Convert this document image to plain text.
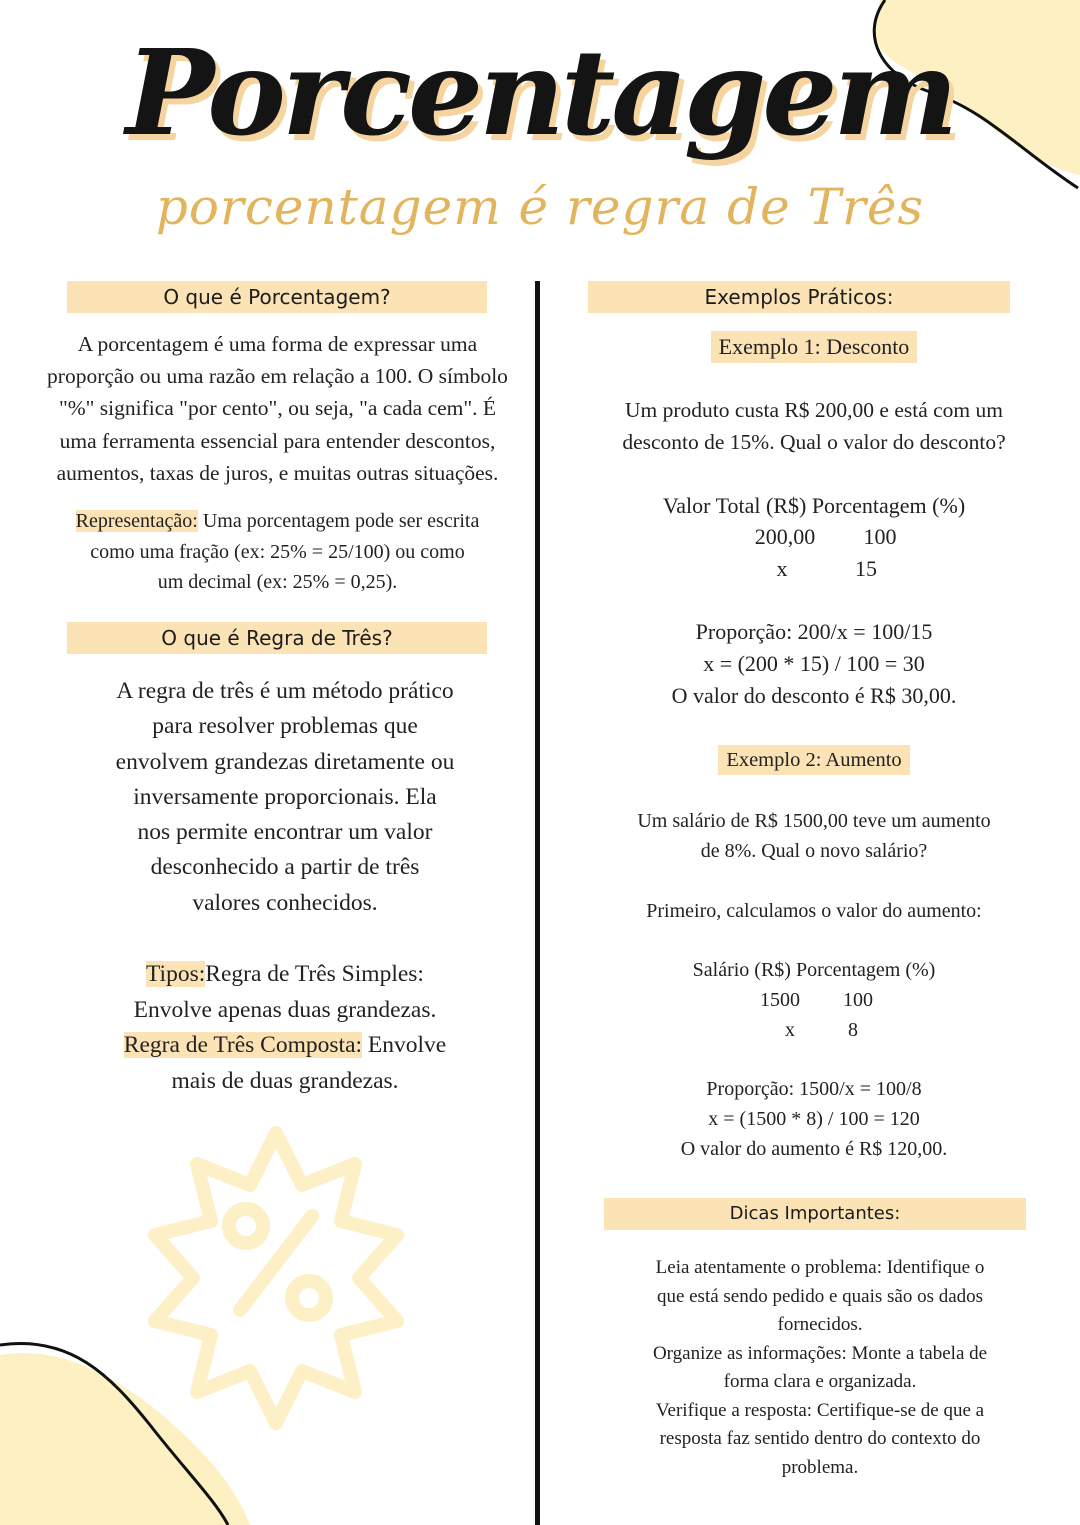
Porcentagem
porcentagem é regra de Três
O que é Porcentagem?

A porcentagem é uma forma de expressar uma

proporção ou uma razão em relação a 100. O símbolo

"%" significa "por cento", ou seja, "a cada cem". É

uma ferramenta essencial para entender descontos,

aumentos, taxas de juros, e muitas outras situações.

Representação: Uma porcentagem pode ser escrita

como uma fração (ex: 25% = 25/100) ou como

um decimal (ex: 25% = 0,25).

O que é Regra de Três?

A regra de três é um método prático

para resolver problemas que

envolvem grandezas diretamente ou

inversamente proporcionais. Ela

nos permite encontrar um valor

desconhecido a partir de três

valores conhecidos.

Tipos:Regra de Três Simples:

Envolve apenas duas grandezas.

Regra de Três Composta: Envolve

mais de duas grandezas.

Exemplos Práticos:
Exemplo 1: Desconto

Um produto custa R$ 200,00 e está com um

desconto de 15%. Qual o valor do desconto?

Valor Total (R$) Porcentagem (%)
200,00	100
x	15

Proporção: 200/x = 100/15

x = (200 * 15) / 100 = 30

O valor do desconto é R$ 30,00.

Exemplo 2: Aumento

Um salário de R$ 1500,00 teve um aumento

de 8%. Qual o novo salário?

Primeiro, calculamos o valor do aumento:
Salário (R$) Porcentagem (%)
1500	100
x	8

Proporção: 1500/x = 100/8

x = (1500 * 8) / 100 = 120

O valor do aumento é R$ 120,00.

Dicas Importantes:

Leia atentamente o problema: Identifique o

que está sendo pedido e quais são os dados

fornecidos.

Organize as informações: Monte a tabela de

forma clara e organizada.

Verifique a resposta: Certifique-se de que a

resposta faz sentido dentro do contexto do

problema.
